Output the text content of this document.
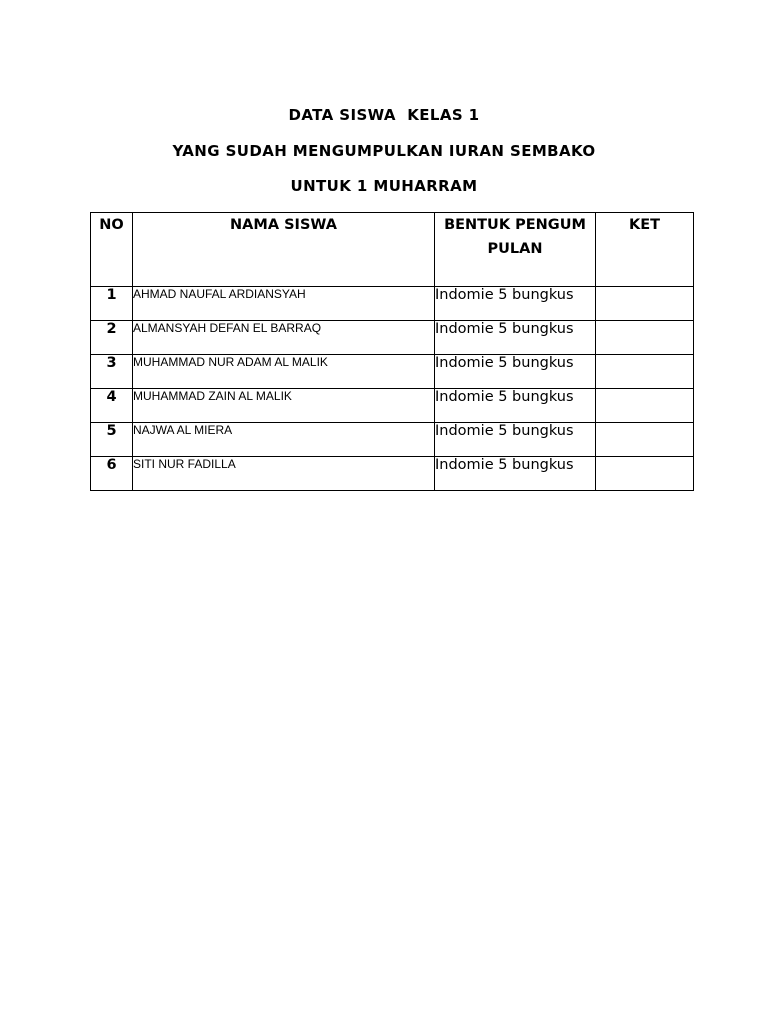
DATA SISWA  KELAS 1
YANG SUDAH MENGUMPULKAN IURAN SEMBAKO
UNTUK 1 MUHARRAM
NO	NAMA SISWA	BENTUK PENGUMPULAN	KET

1	AHMAD NAUFAL ARDIANSYAH	Indomie 5 bungkus	
2	ALMANSYAH DEFAN EL BARRAQ	Indomie 5 bungkus	
3	MUHAMMAD NUR ADAM AL MALIK	Indomie 5 bungkus	
4	MUHAMMAD ZAIN AL MALIK	Indomie 5 bungkus	
5	NAJWA AL MIERA	Indomie 5 bungkus	
6	SITI NUR FADILLA	Indomie 5 bungkus	
